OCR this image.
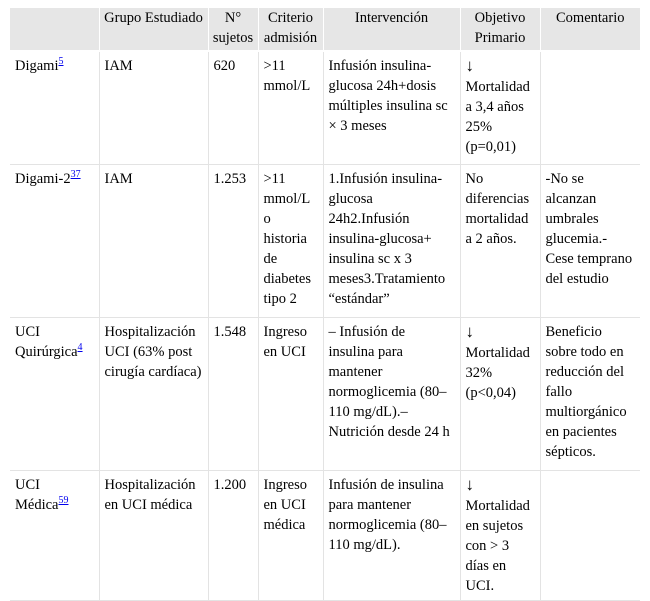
	Grupo Estudiado	N° sujetos	Criterio admisión	Intervención	Objetivo Primario	Comentario
Digami$^5$	IAM	620	>11 mmol/L	Infusión insulina-glucosa 24h+dosis múltiples insulina sc × 3 meses	↓
Mortalidad a 3,4 años 25% (p=0,01)	
Digami-2$^{37}$	IAM	1.253	>11 mmol/L o historia de diabetes tipo 2	1.Infusión insulina-glucosa 24h2.Infusión insulina-glucosa+ insulina sc x 3 meses3.Tratamiento “estándar”	No diferencias mortalidad a 2 años.	-No se alcanzan umbrales glucemia.-Cese temprano del estudio
UCI Quirúrgica$^4$	Hospitalización UCI (63% post cirugía cardíaca)	1.548	Ingreso en UCI	– Infusión de insulina para mantener normoglicemia (80–110 mg/dL).– Nutrición desde 24 h	↓
Mortalidad 32% (p<0,04)	Beneficio sobre todo en reducción del fallo multiorgánico en pacientes sépticos.
UCI Médica$^{59}$	Hospitalización en UCI médica	1.200	Ingreso en UCI médica	Infusión de insulina para mantener normoglicemia (80–110 mg/dL).	↓
Mortalidad en sujetos con > 3 días en UCI.	
